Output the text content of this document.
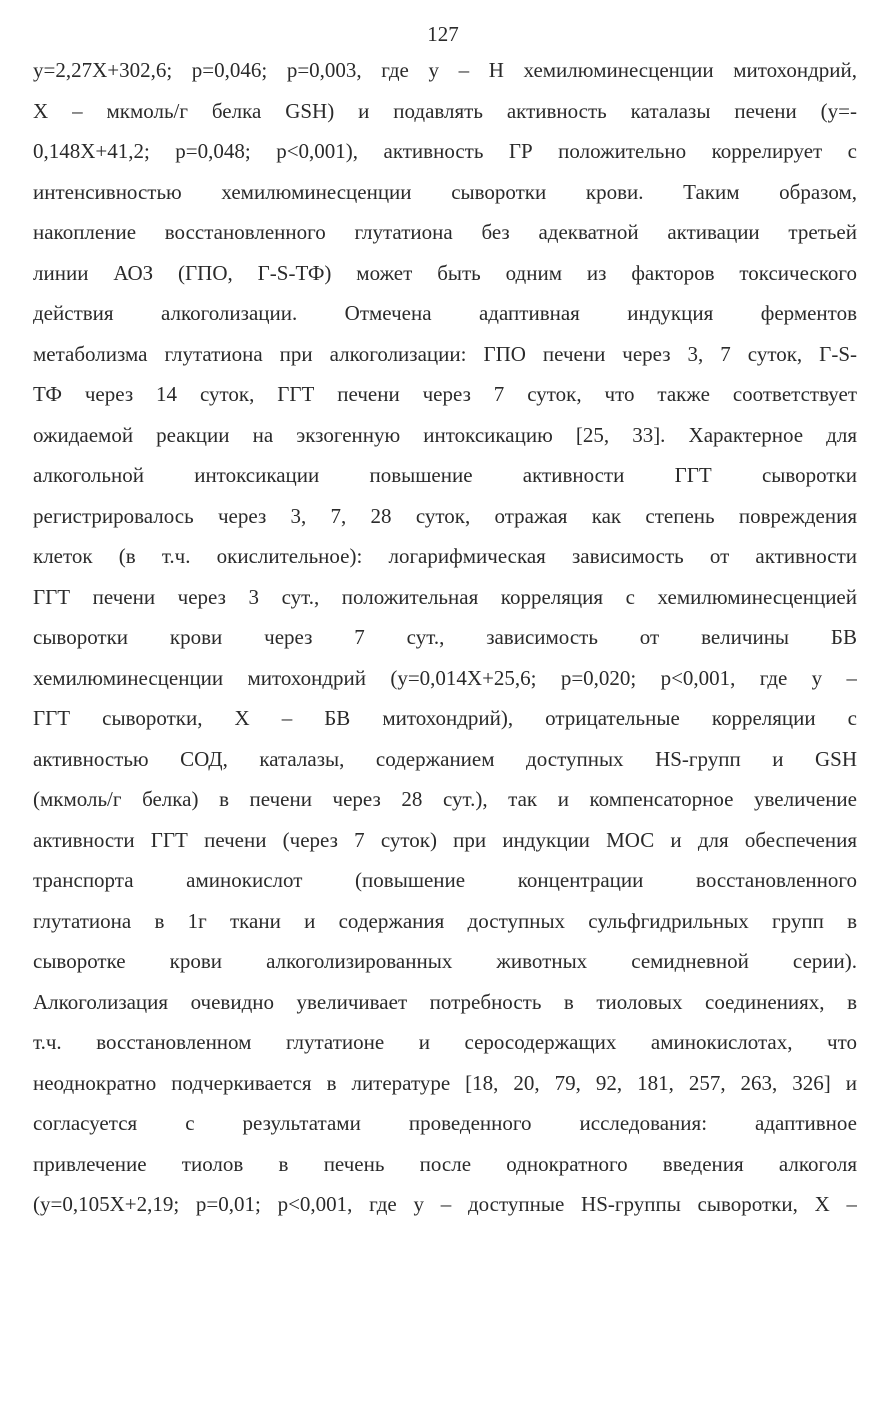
127
y=2,27X+302,6; p=0,046; p=0,003, где y – H хемилюминесценции митохондрий,
X – мкмоль/г белка GSH) и подавлять активность каталазы печени (y=-
0,148X+41,2; p=0,048; p<0,001), активность ГР положительно коррелирует с
интенсивностью хемилюминесценции сыворотки крови. Таким образом,
накопление восстановленного глутатиона без адекватной активации третьей
линии АОЗ (ГПО, Г-S-ТФ) может быть одним из факторов токсического
действия алкоголизации. Отмечена адаптивная индукция ферментов
метаболизма глутатиона при алкоголизации: ГПО печени через 3, 7 суток, Г-S-
ТФ через 14 суток, ГГТ печени через 7 суток, что также соответствует
ожидаемой реакции на экзогенную интоксикацию [25, 33]. Характерное для
алкогольной интоксикации повышение активности ГГТ сыворотки
регистрировалось через 3, 7, 28 суток, отражая как степень повреждения
клеток (в т.ч. окислительное): логарифмическая зависимость от активности
ГГТ печени через 3 сут., положительная корреляция с хемилюминесценцией
сыворотки крови через 7 сут., зависимость от величины БВ
хемилюминесценции митохондрий (y=0,014X+25,6; p=0,020; p<0,001, где y –
ГГТ сыворотки, X – БВ митохондрий), отрицательные корреляции с
активностью СОД, каталазы, содержанием доступных HS-групп и GSH
(мкмоль/г белка) в печени через 28 сут.), так и компенсаторное увеличение
активности ГГТ печени (через 7 суток) при индукции МОС и для обеспечения
транспорта аминокислот (повышение концентрации восстановленного
глутатиона в 1г ткани и содержания доступных сульфгидрильных групп в
сыворотке крови алкоголизированных животных семидневной серии).
Алкоголизация очевидно увеличивает потребность в тиоловых соединениях, в
т.ч. восстановленном глутатионе и серосодержащих аминокислотах, что
неоднократно подчеркивается в литературе [18, 20, 79, 92, 181, 257, 263, 326] и
согласуется с результатами проведенного исследования: адаптивное
привлечение тиолов в печень после однократного введения алкоголя
(y=0,105X+2,19; p=0,01; p<0,001, где y – доступные HS-группы сыворотки, X –
